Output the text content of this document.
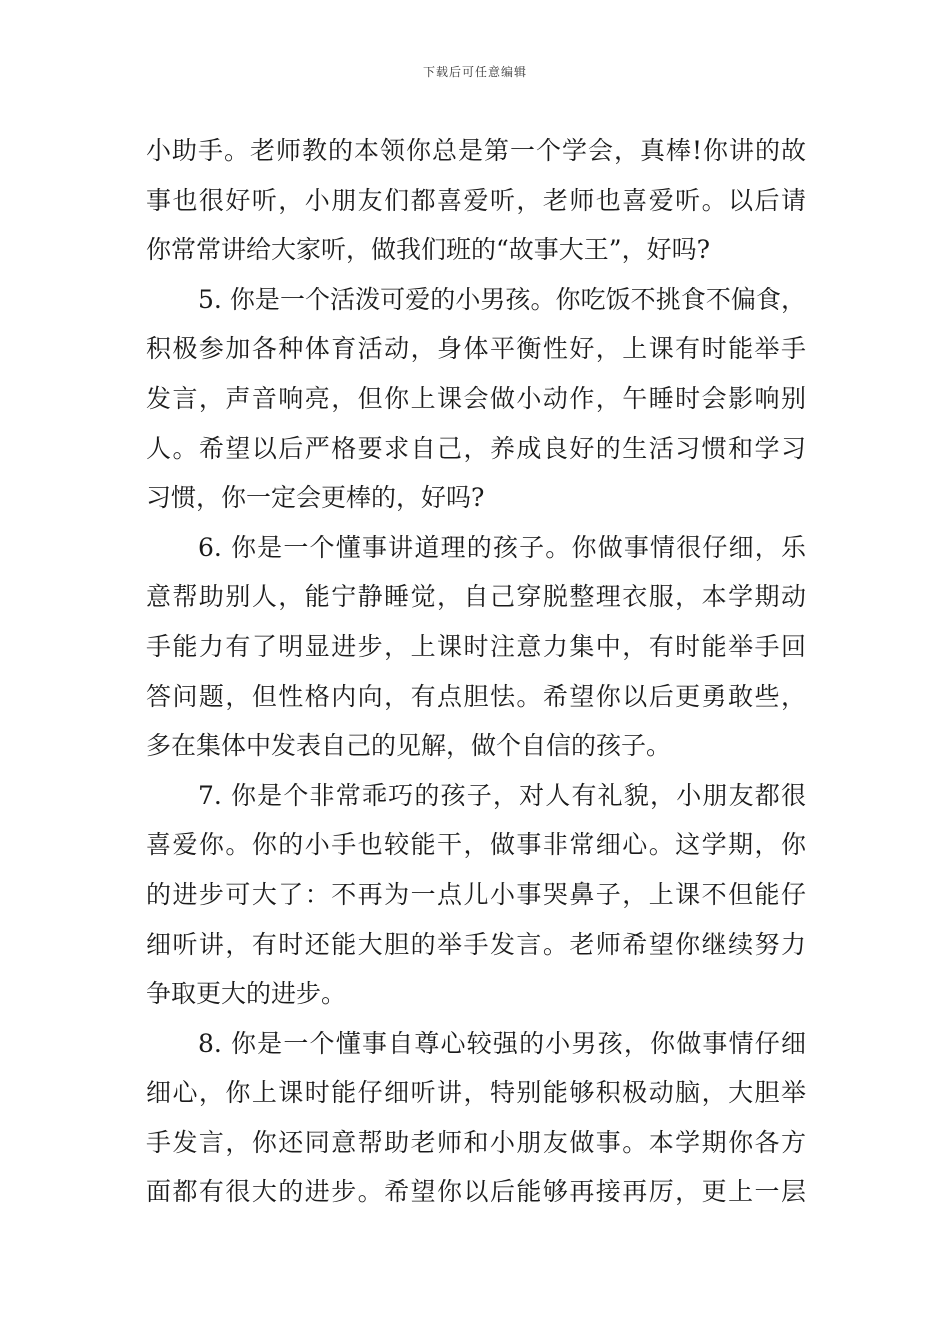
下载后可任意编辑
小助手。老师教的本领你总是第一个学会，真棒!你讲的故
事也很好听，小朋友们都喜爱听，老师也喜爱听。以后请
你常常讲给大家听，做我们班的“故事大王”，好吗?
5. 你是一个活泼可爱的小男孩。你吃饭不挑食不偏食，
积极参加各种体育活动，身体平衡性好，上课有时能举手
发言，声音响亮，但你上课会做小动作，午睡时会影响别
人。希望以后严格要求自己，养成良好的生活习惯和学习
习惯，你一定会更棒的，好吗?
6. 你是一个懂事讲道理的孩子。你做事情很仔细，乐
意帮助别人，能宁静睡觉，自己穿脱整理衣服，本学期动
手能力有了明显进步，上课时注意力集中，有时能举手回
答问题，但性格内向，有点胆怯。希望你以后更勇敢些，
多在集体中发表自己的见解，做个自信的孩子。
7. 你是个非常乖巧的孩子，对人有礼貌，小朋友都很
喜爱你。你的小手也较能干，做事非常细心。这学期，你
的进步可大了：不再为一点儿小事哭鼻子，上课不但能仔
细听讲，有时还能大胆的举手发言。老师希望你继续努力
争取更大的进步。
8. 你是一个懂事自尊心较强的小男孩，你做事情仔细
细心，你上课时能仔细听讲，特别能够积极动脑，大胆举
手发言，你还同意帮助老师和小朋友做事。本学期你各方
面都有很大的进步。希望你以后能够再接再厉，更上一层
